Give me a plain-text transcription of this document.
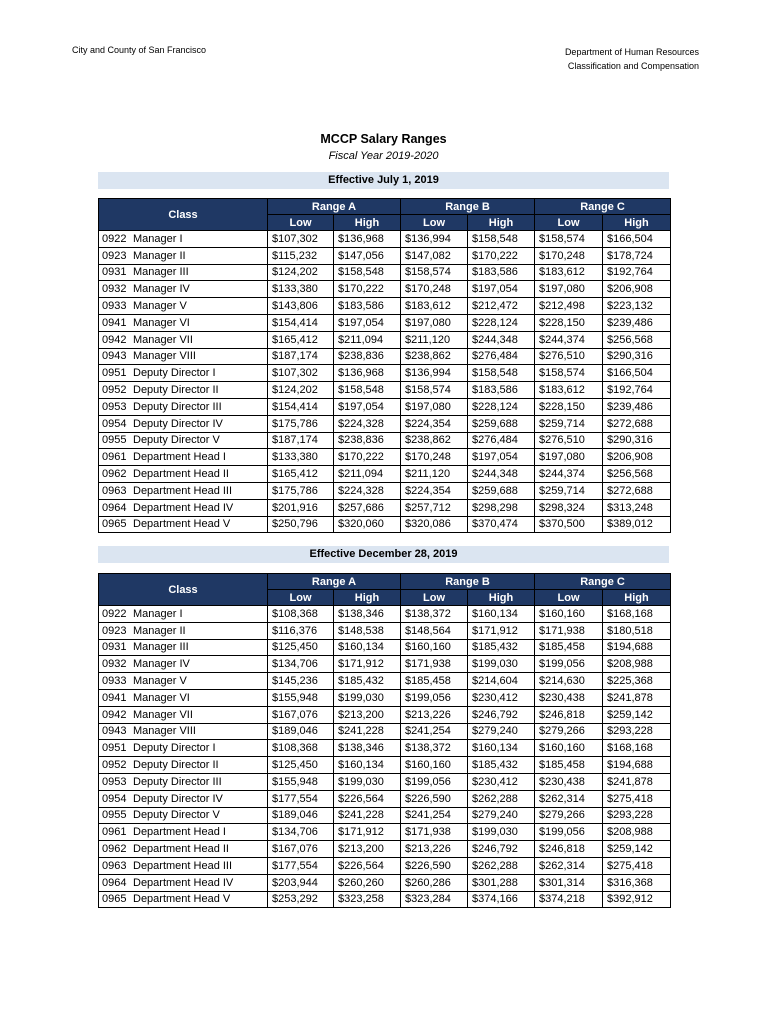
City and County of San Francisco	Department of Human Resources
Classification and Compensation
MCCP Salary Ranges
Fiscal Year 2019-2020
Effective July 1, 2019
Class	Range A		Range B		Range C	
	Low	High	Low	High	Low	High
0922 Manager I	$107,302	$136,968	$136,994	$158,548	$158,574	$166,504
0923 Manager II	$115,232	$147,056	$147,082	$170,222	$170,248	$178,724
0931 Manager III	$124,202	$158,548	$158,574	$183,586	$183,612	$192,764
0932 Manager IV	$133,380	$170,222	$170,248	$197,054	$197,080	$206,908
0933 Manager V	$143,806	$183,586	$183,612	$212,472	$212,498	$223,132
0941 Manager VI	$154,414	$197,054	$197,080	$228,124	$228,150	$239,486
0942 Manager VII	$165,412	$211,094	$211,120	$244,348	$244,374	$256,568
0943 Manager VIII	$187,174	$238,836	$238,862	$276,484	$276,510	$290,316
0951 Deputy Director I	$107,302	$136,968	$136,994	$158,548	$158,574	$166,504
0952 Deputy Director II	$124,202	$158,548	$158,574	$183,586	$183,612	$192,764
0953 Deputy Director III	$154,414	$197,054	$197,080	$228,124	$228,150	$239,486
0954 Deputy Director IV	$175,786	$224,328	$224,354	$259,688	$259,714	$272,688
0955 Deputy Director V	$187,174	$238,836	$238,862	$276,484	$276,510	$290,316
0961 Department Head I	$133,380	$170,222	$170,248	$197,054	$197,080	$206,908
0962 Department Head II	$165,412	$211,094	$211,120	$244,348	$244,374	$256,568
0963 Department Head III	$175,786	$224,328	$224,354	$259,688	$259,714	$272,688
0964 Department Head IV	$201,916	$257,686	$257,712	$298,298	$298,324	$313,248
0965 Department Head V	$250,796	$320,060	$320,086	$370,474	$370,500	$389,012
Effective December 28, 2019
Class	Range A		Range B		Range C	
	Low	High	Low	High	Low	High
0922 Manager I	$108,368	$138,346	$138,372	$160,134	$160,160	$168,168
0923 Manager II	$116,376	$148,538	$148,564	$171,912	$171,938	$180,518
0931 Manager III	$125,450	$160,134	$160,160	$185,432	$185,458	$194,688
0932 Manager IV	$134,706	$171,912	$171,938	$199,030	$199,056	$208,988
0933 Manager V	$145,236	$185,432	$185,458	$214,604	$214,630	$225,368
0941 Manager VI	$155,948	$199,030	$199,056	$230,412	$230,438	$241,878
0942 Manager VII	$167,076	$213,200	$213,226	$246,792	$246,818	$259,142
0943 Manager VIII	$189,046	$241,228	$241,254	$279,240	$279,266	$293,228
0951 Deputy Director I	$108,368	$138,346	$138,372	$160,134	$160,160	$168,168
0952 Deputy Director II	$125,450	$160,134	$160,160	$185,432	$185,458	$194,688
0953 Deputy Director III	$155,948	$199,030	$199,056	$230,412	$230,438	$241,878
0954 Deputy Director IV	$177,554	$226,564	$226,590	$262,288	$262,314	$275,418
0955 Deputy Director V	$189,046	$241,228	$241,254	$279,240	$279,266	$293,228
0961 Department Head I	$134,706	$171,912	$171,938	$199,030	$199,056	$208,988
0962 Department Head II	$167,076	$213,200	$213,226	$246,792	$246,818	$259,142
0963 Department Head III	$177,554	$226,564	$226,590	$262,288	$262,314	$275,418
0964 Department Head IV	$203,944	$260,260	$260,286	$301,288	$301,314	$316,368
0965 Department Head V	$253,292	$323,258	$323,284	$374,166	$374,218	$392,912
